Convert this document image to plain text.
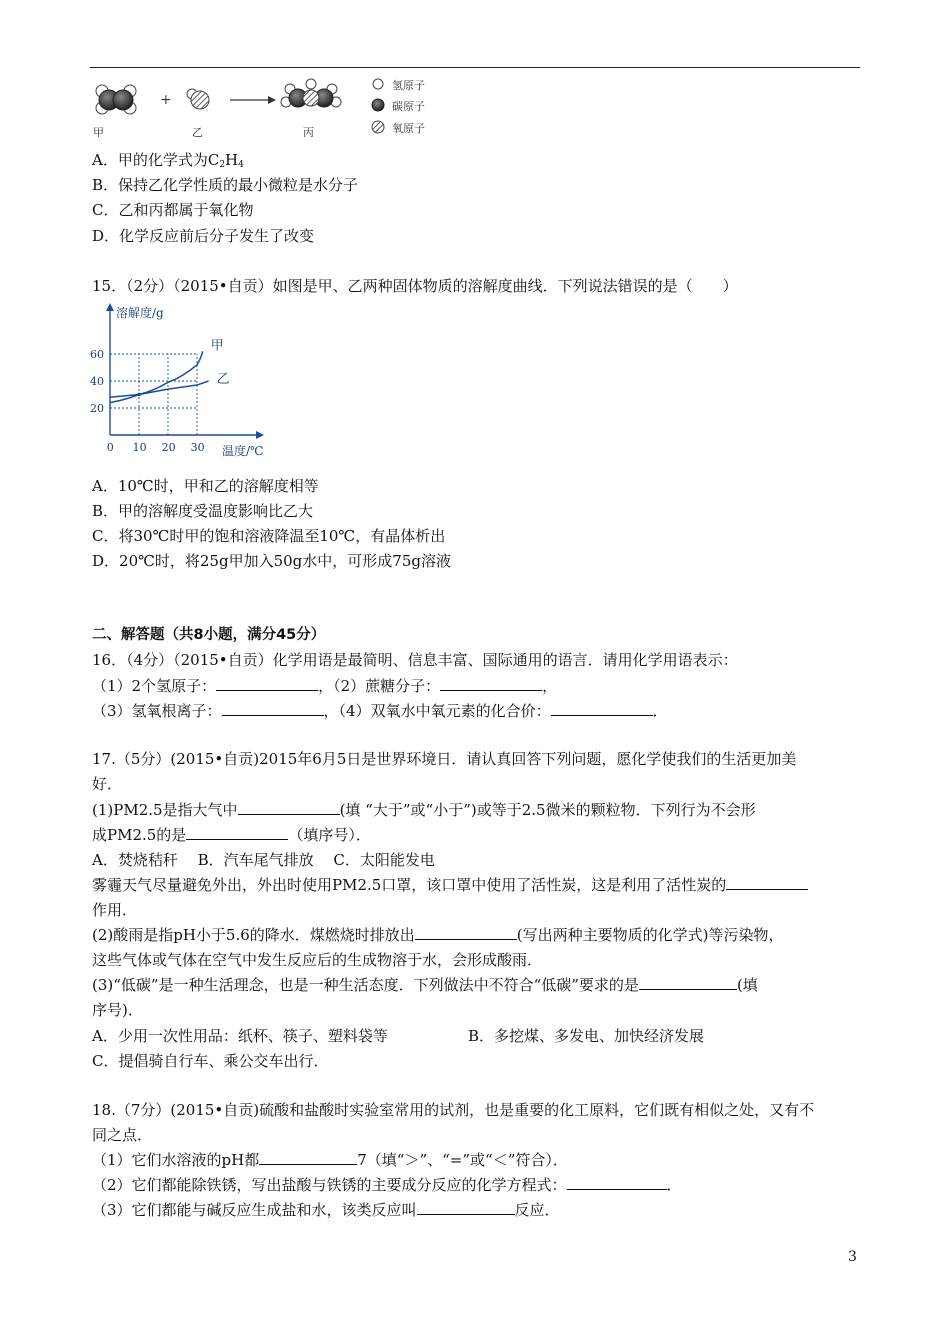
+
甲	乙	丙
氢原子
碳原子
氧原子
A．甲的化学式为$C_2H_4$
B．保持乙化学性质的最小微粒是水分子
C．乙和丙都属于氧化物
D．化学反应前后分子发生了改变
15．（2分）（2015•自贡）如图是甲、乙两种固体物质的溶解度曲线．下列说法错误的是（　　）
溶解度/g
温度/℃
20
40
60
0 10 20 30
甲
乙
A．10℃时，甲和乙的溶解度相等
B．甲的溶解度受温度影响比乙大
C．将30℃时甲的饱和溶液降温至10℃，有晶体析出
D．20℃时，将25g甲加入50g水中，可形成75g溶液
二、解答题（共8小题，满分45分）
16．（4分）（2015•自贡）化学用语是最简明、信息丰富、国际通用的语言．请用化学用语表示：
（1）2个氢原子：	，（2）蔗糖分子：	，
（3）氢氧根离子：	，（4）双氧水中氧元素的化合价：	．
17.（5分）(2015•自贡)2015年6月5日是世界环境日．请认真回答下列问题，愿化学使我们的生活更加美
好．
(1)PM2.5是指大气中	(填 “大于”或“小于”)或等于2.5微米的颗粒物．下列行为不会形
成PM2.5的是	（填序号）．
A．焚烧秸秆　 B．汽车尾气排放　 C．太阳能发电
雾霾天气尽量避免外出，外出时使用PM2.5口罩，该口罩中使用了活性炭，这是利用了活性炭的
作用．
(2)酸雨是指pH小于5.6的降水．煤燃烧时排放出	(写出两种主要物质的化学式)等污染物，
这些气体或气体在空气中发生反应后的生成物溶于水，会形成酸雨．
(3)“低碳”是一种生活理念，也是一种生活态度．下列做法中不符合“低碳”要求的是	(填
序号)．
A．少用一次性用品：纸杯、筷子、塑料袋等	B．多挖煤、多发电、加快经济发展
C．提倡骑自行车、乘公交车出行．
18.（7分）(2015•自贡)硫酸和盐酸时实验室常用的试剂，也是重要的化工原料，它们既有相似之处，又有不
同之点．
（1）它们水溶液的pH都	7（填“＞”、“=”或“＜”符合）．
（2）它们都能除铁锈，写出盐酸与铁锈的主要成分反应的化学方程式：	．
（3）它们都能与碱反应生成盐和水，该类反应叫	反应．
3
